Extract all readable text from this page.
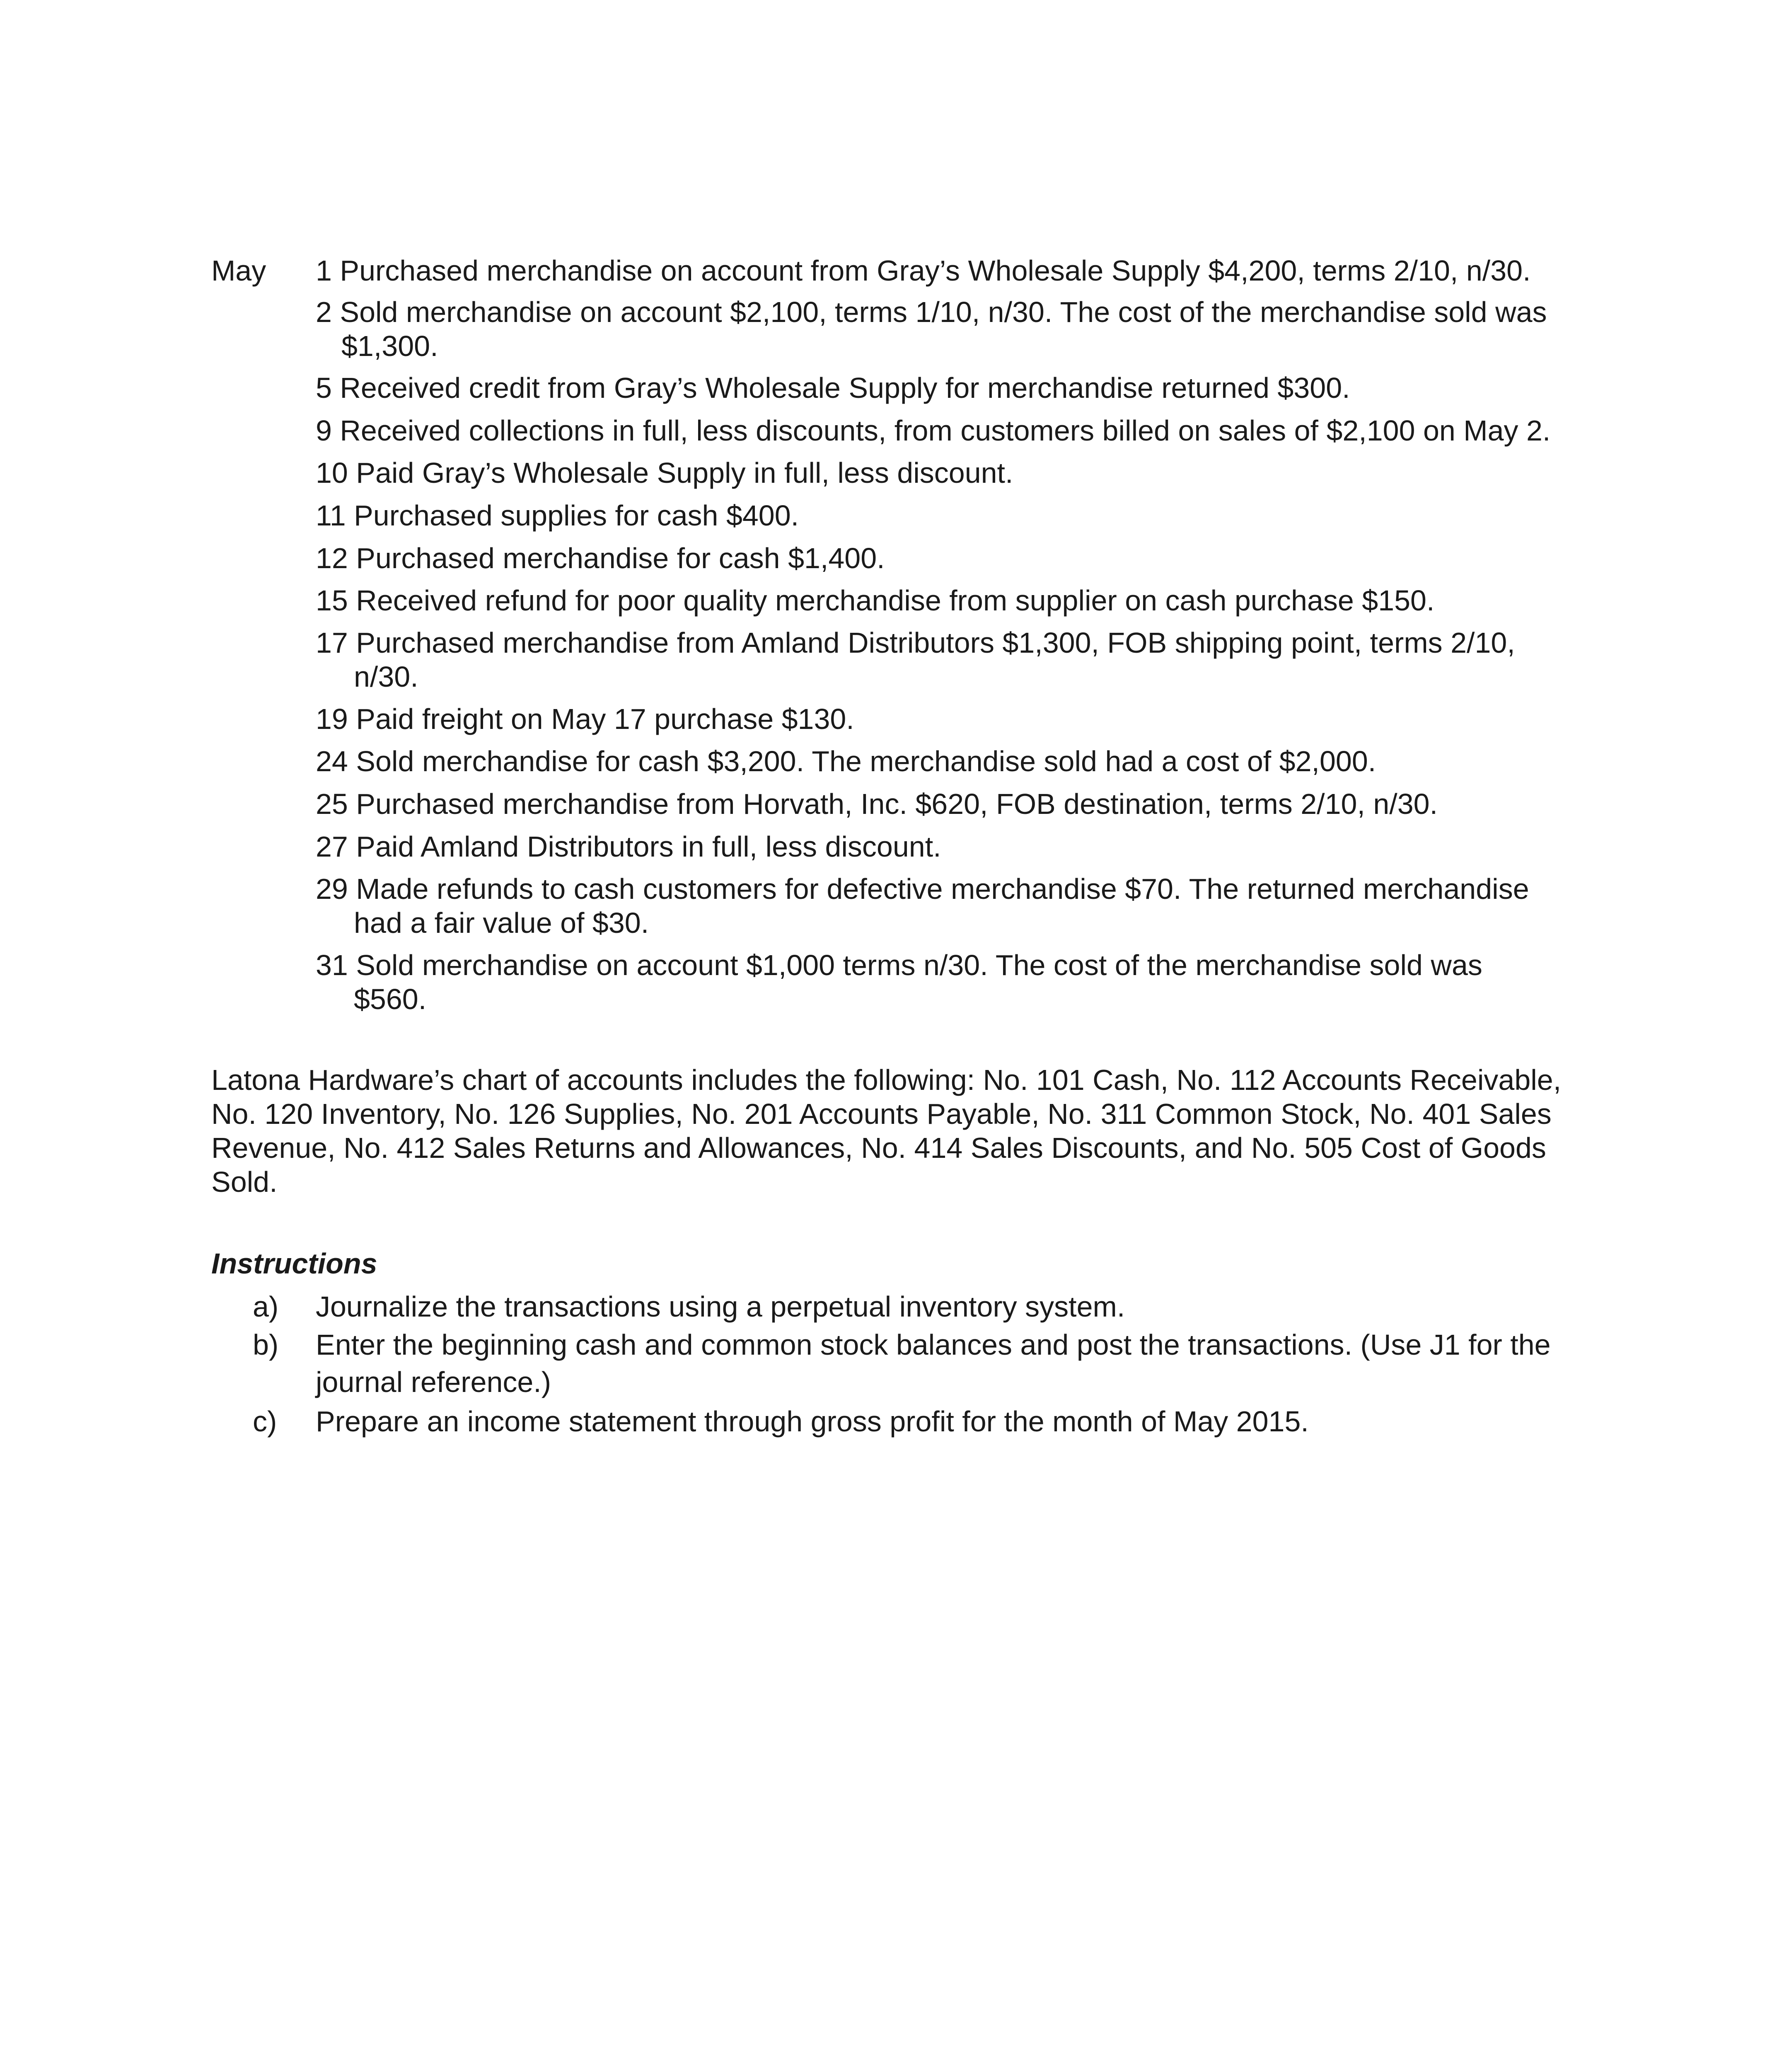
May 1 Purchased merchandise on account from Gray’s Wholesale Supply $4,200, terms 2/10, n/30.
2 Sold merchandise on account $2,100, terms 1/10, n/30. The cost of the merchandise sold was
$1,300.
5 Received credit from Gray’s Wholesale Supply for merchandise returned $300.
9 Received collections in full, less discounts, from customers billed on sales of $2,100 on May 2.
10 Paid Gray’s Wholesale Supply in full, less discount.
11 Purchased supplies for cash $400.
12 Purchased merchandise for cash $1,400.
15 Received refund for poor quality merchandise from supplier on cash purchase $150.
17 Purchased merchandise from Amland Distributors $1,300, FOB shipping point, terms 2/10,
n/30.
19 Paid freight on May 17 purchase $130.
24 Sold merchandise for cash $3,200. The merchandise sold had a cost of $2,000.
25 Purchased merchandise from Horvath, Inc. $620, FOB destination, terms 2/10, n/30.
27 Paid Amland Distributors in full, less discount.
29 Made refunds to cash customers for defective merchandise $70. The returned merchandise
had a fair value of $30.
31 Sold merchandise on account $1,000 terms n/30. The cost of the merchandise sold was
$560.
Latona Hardware’s chart of accounts includes the following: No. 101 Cash, No. 112 Accounts Receivable, No. 120 Inventory, No. 126 Supplies, No. 201 Accounts Payable, No. 311 Common Stock, No. 401 Sales Revenue, No. 412 Sales Returns and Allowances, No. 414 Sales Discounts, and No. 505 Cost of Goods Sold.
Instructions
a) Journalize the transactions using a perpetual inventory system.
b) Enter the beginning cash and common stock balances and post the transactions. (Use J1 for the journal reference.)
c) Prepare an income statement through gross profit for the month of May 2015.
